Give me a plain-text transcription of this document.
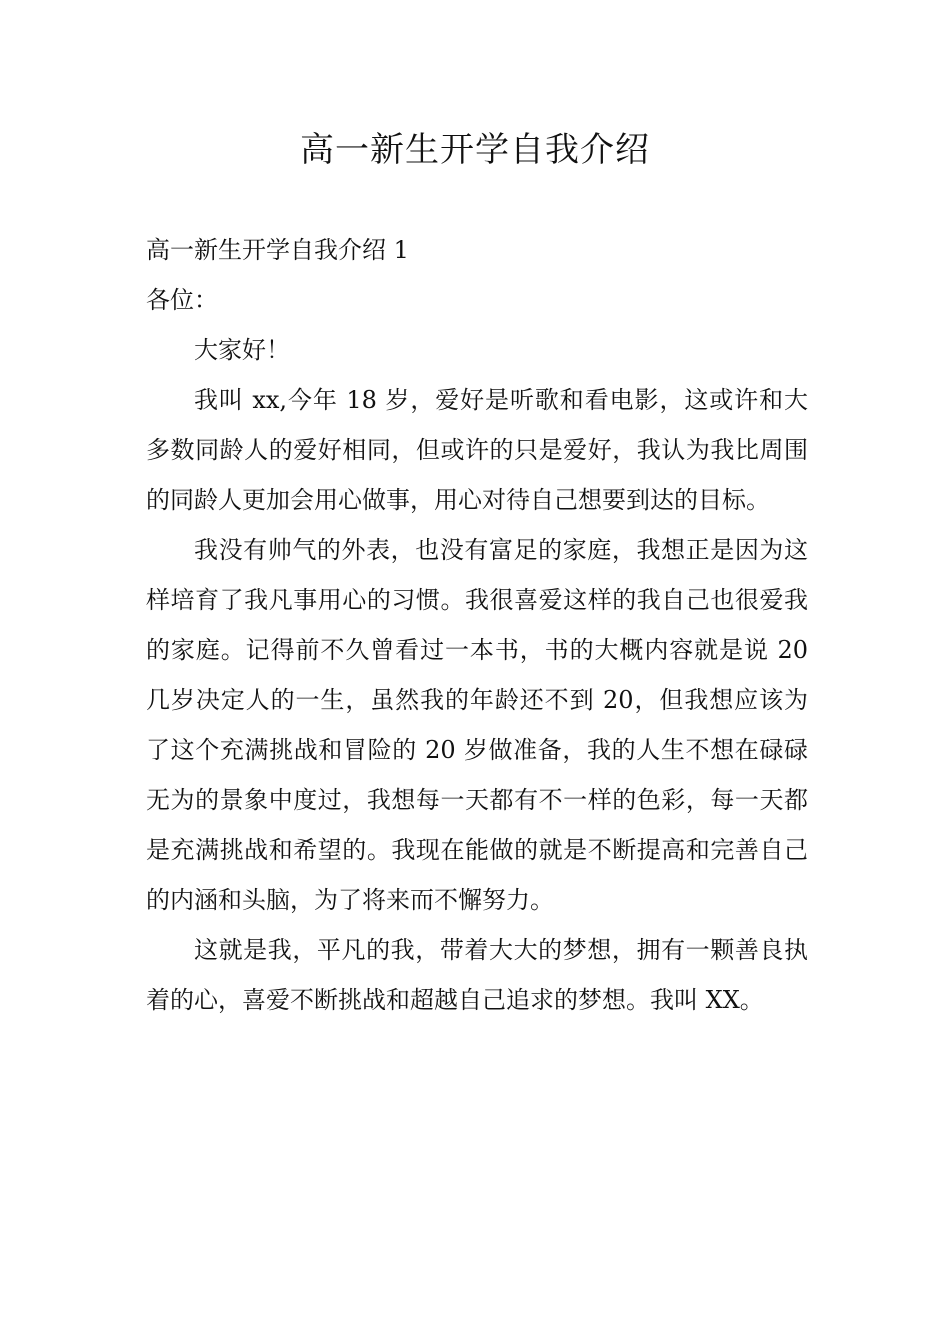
高一新生开学自我介绍

高一新生开学自我介绍 1

各位：

大家好！

我叫 xx,今年 18 岁，爱好是听歌和看电影，这或许和大多数同龄人的爱好相同，但或许的只是爱好，我认为我比周围的同龄人更加会用心做事，用心对待自己想要到达的目标。

我没有帅气的外表，也没有富足的家庭，我想正是因为这样培育了我凡事用心的习惯。我很喜爱这样的我自己也很爱我的家庭。记得前不久曾看过一本书，书的大概内容就是说 20 几岁决定人的一生，虽然我的年龄还不到 20，但我想应该为了这个充满挑战和冒险的 20 岁做准备，我的人生不想在碌碌无为的景象中度过，我想每一天都有不一样的色彩，每一天都是充满挑战和希望的。我现在能做的就是不断提高和完善自己的内涵和头脑，为了将来而不懈努力。

这就是我，平凡的我，带着大大的梦想，拥有一颗善良执着的心，喜爱不断挑战和超越自己追求的梦想。我叫 XX。
